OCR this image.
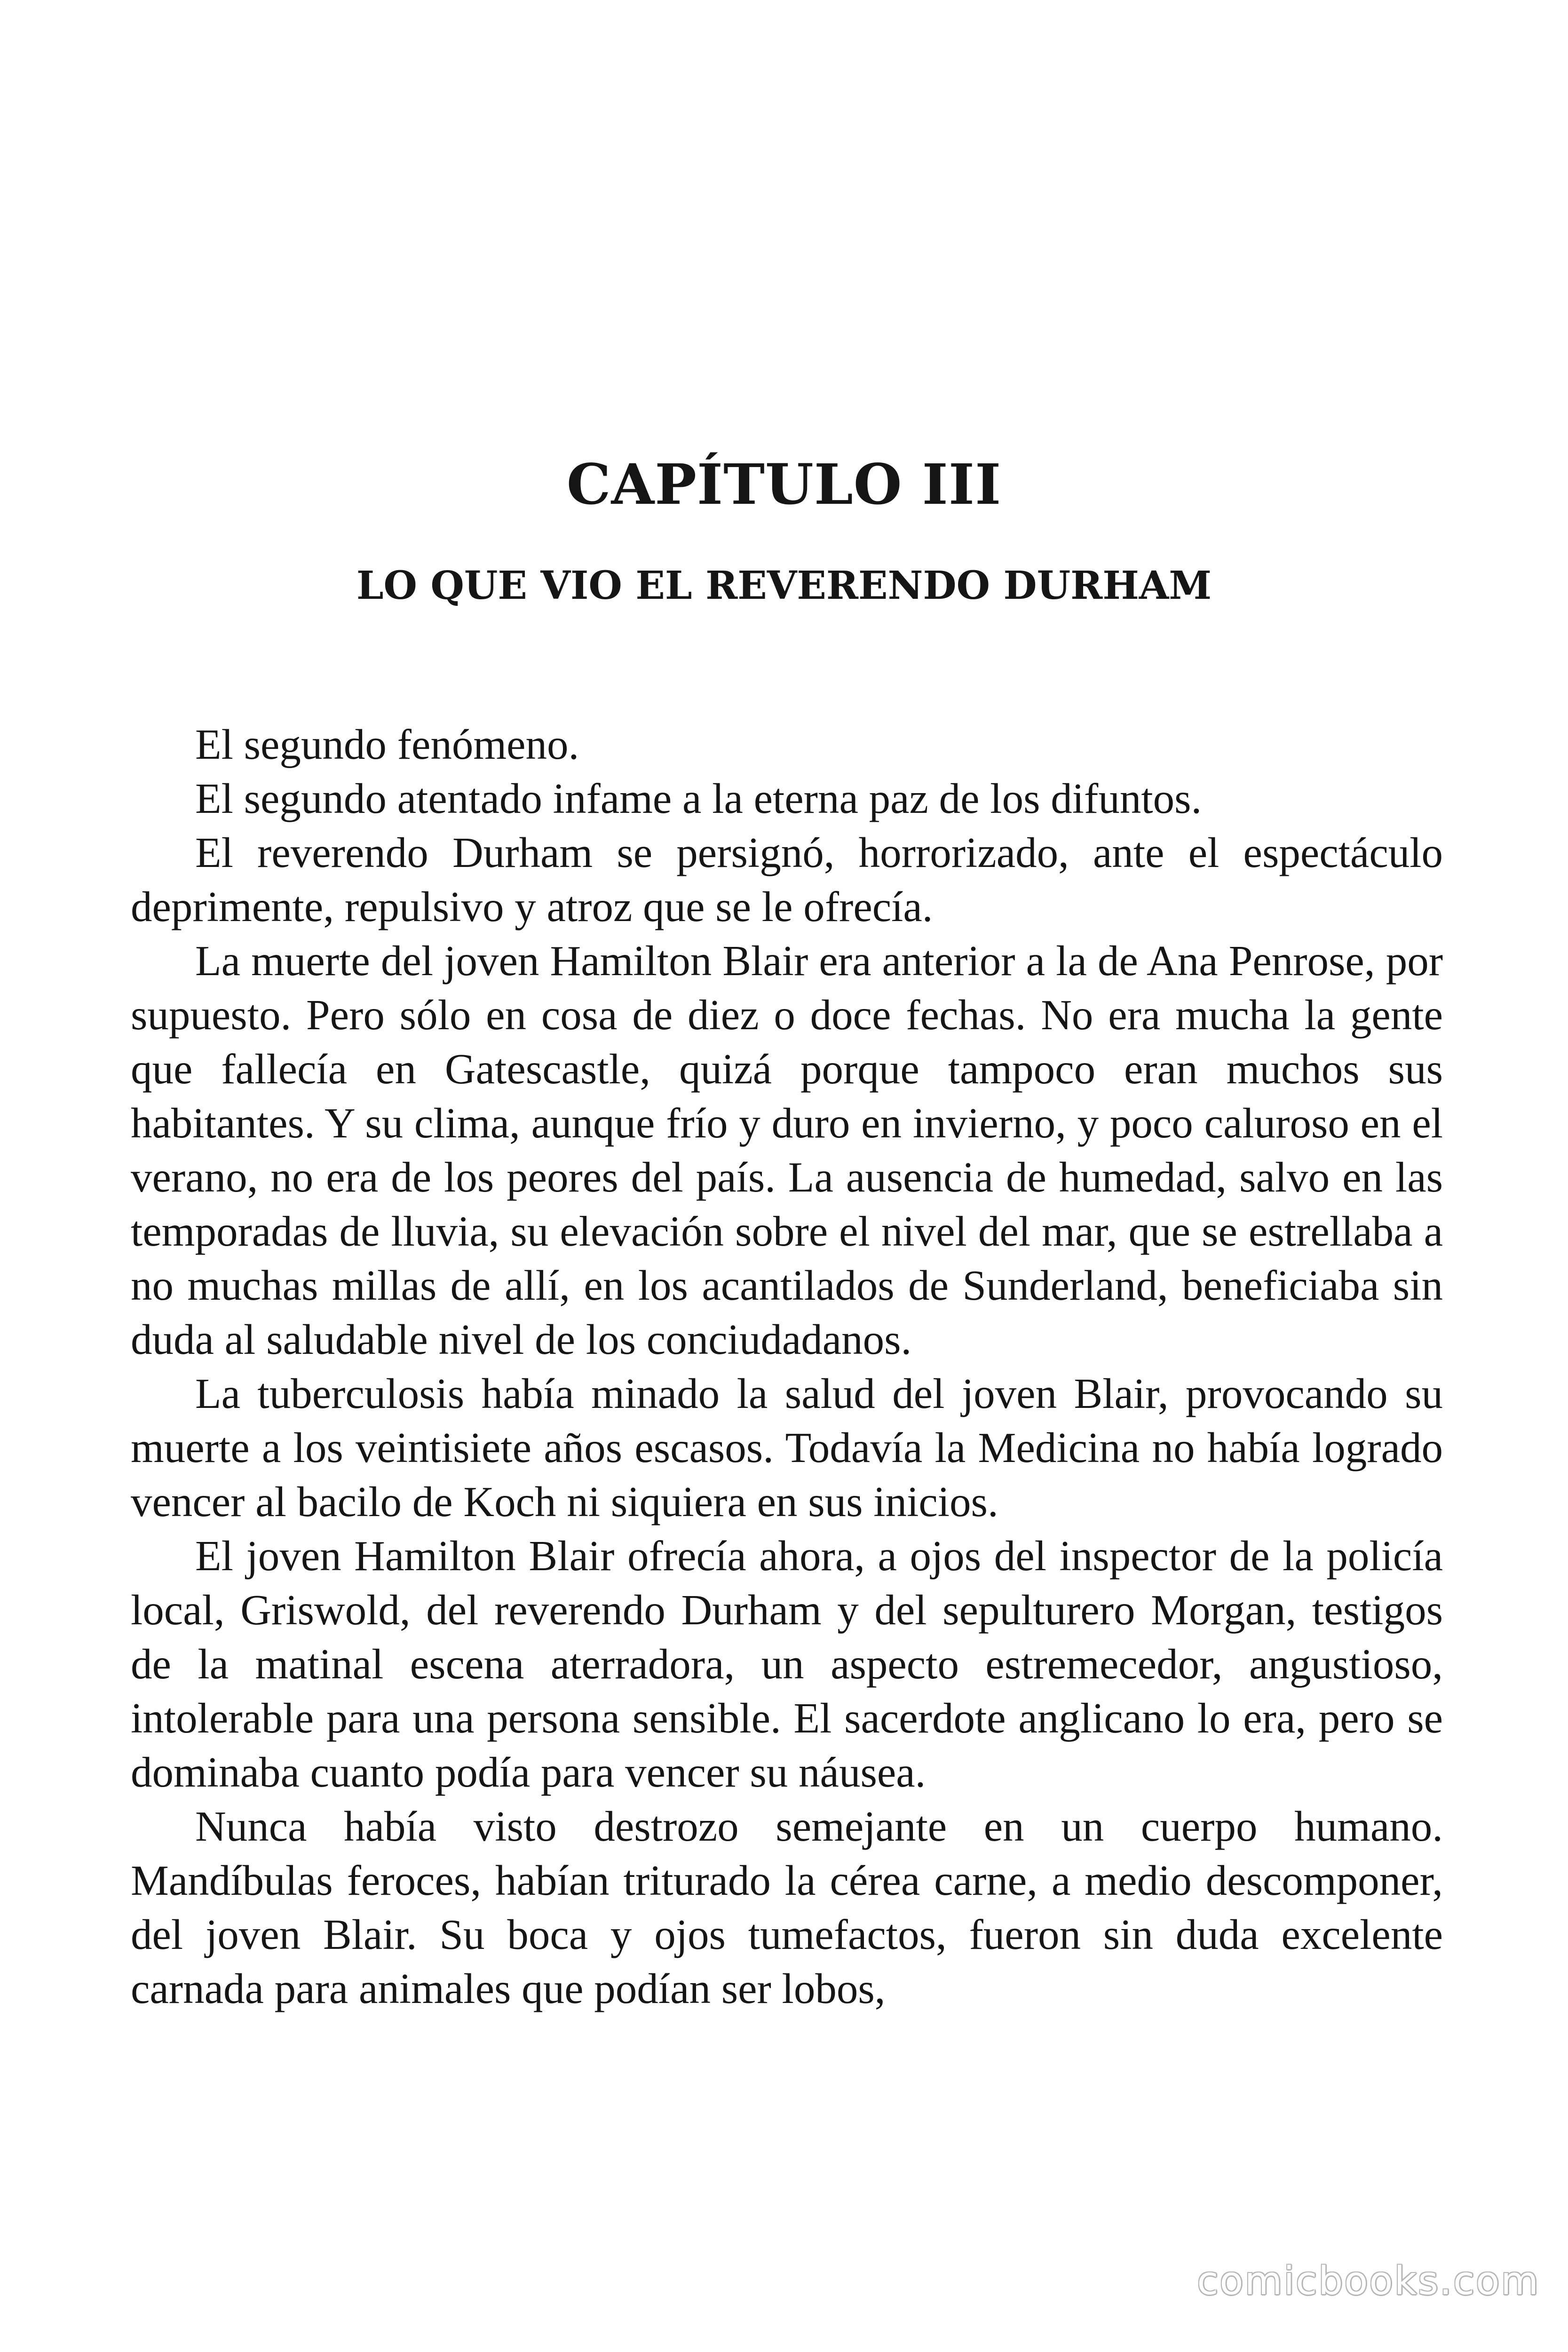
CAPÍTULO III
LO QUE VIO EL REVERENDO DURHAM

El segundo fenómeno.

El segundo atentado infame a la eterna paz de los difuntos.

El reverendo Durham se persignó, horrorizado, ante el espectáculo deprimente, repulsivo y atroz que se le ofrecía.

La muerte del joven Hamilton Blair era anterior a la de Ana Penrose, por supuesto. Pero sólo en cosa de diez o doce fechas. No era mucha la gente que fallecía en Gatescastle, quizá porque tampoco eran muchos sus habitantes. Y su clima, aunque frío y duro en invierno, y poco caluroso en el verano, no era de los peores del país. La ausencia de humedad, salvo en las temporadas de lluvia, su elevación sobre el nivel del mar, que se estrellaba a no muchas millas de allí, en los acantilados de Sunderland, beneficiaba sin duda al saludable nivel de los conciudadanos.

La tuberculosis había minado la salud del joven Blair, provocando su muerte a los veintisiete años escasos. Todavía la Medicina no había logrado vencer al bacilo de Koch ni siquiera en sus inicios.

El joven Hamilton Blair ofrecía ahora, a ojos del inspector de la policía local, Griswold, del reverendo Durham y del sepulturero Morgan, testigos de la matinal escena aterradora, un aspecto estremecedor, angustioso, intolerable para una persona sensible. El sacerdote anglicano lo era, pero se dominaba cuanto podía para vencer su náusea.

Nunca había visto destrozo semejante en un cuerpo humano. Mandíbulas feroces, habían triturado la cérea carne, a medio descomponer, del joven Blair. Su boca y ojos tumefactos, fueron sin duda excelente carnada para animales que podían ser lobos,

comicbooks.com
